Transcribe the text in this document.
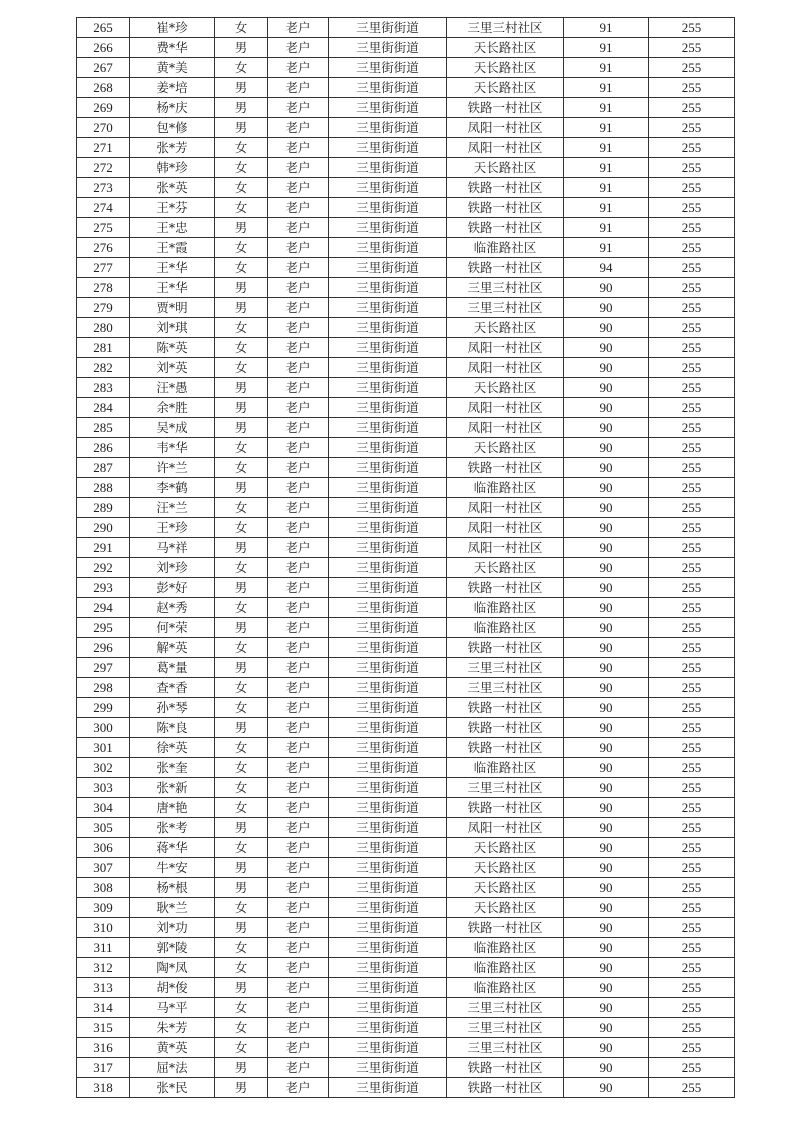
265	崔*珍	女	老户	三里街街道	三里三村社区	91	255
266	费*华	男	老户	三里街街道	天长路社区	91	255
267	黄*美	女	老户	三里街街道	天长路社区	91	255
268	姜*培	男	老户	三里街街道	天长路社区	91	255
269	杨*庆	男	老户	三里街街道	铁路一村社区	91	255
270	包*修	男	老户	三里街街道	凤阳一村社区	91	255
271	张*芳	女	老户	三里街街道	凤阳一村社区	91	255
272	韩*珍	女	老户	三里街街道	天长路社区	91	255
273	张*英	女	老户	三里街街道	铁路一村社区	91	255
274	王*芬	女	老户	三里街街道	铁路一村社区	91	255
275	王*忠	男	老户	三里街街道	铁路一村社区	91	255
276	王*霞	女	老户	三里街街道	临淮路社区	91	255
277	王*华	女	老户	三里街街道	铁路一村社区	94	255
278	王*华	男	老户	三里街街道	三里三村社区	90	255
279	贾*明	男	老户	三里街街道	三里三村社区	90	255
280	刘*琪	女	老户	三里街街道	天长路社区	90	255
281	陈*英	女	老户	三里街街道	凤阳一村社区	90	255
282	刘*英	女	老户	三里街街道	凤阳一村社区	90	255
283	汪*愚	男	老户	三里街街道	天长路社区	90	255
284	余*胜	男	老户	三里街街道	凤阳一村社区	90	255
285	吴*成	男	老户	三里街街道	凤阳一村社区	90	255
286	韦*华	女	老户	三里街街道	天长路社区	90	255
287	许*兰	女	老户	三里街街道	铁路一村社区	90	255
288	李*鹤	男	老户	三里街街道	临淮路社区	90	255
289	汪*兰	女	老户	三里街街道	凤阳一村社区	90	255
290	王*珍	女	老户	三里街街道	凤阳一村社区	90	255
291	马*祥	男	老户	三里街街道	凤阳一村社区	90	255
292	刘*珍	女	老户	三里街街道	天长路社区	90	255
293	彭*好	男	老户	三里街街道	铁路一村社区	90	255
294	赵*秀	女	老户	三里街街道	临淮路社区	90	255
295	何*荣	男	老户	三里街街道	临淮路社区	90	255
296	解*英	女	老户	三里街街道	铁路一村社区	90	255
297	葛*量	男	老户	三里街街道	三里三村社区	90	255
298	查*香	女	老户	三里街街道	三里三村社区	90	255
299	孙*琴	女	老户	三里街街道	铁路一村社区	90	255
300	陈*良	男	老户	三里街街道	铁路一村社区	90	255
301	徐*英	女	老户	三里街街道	铁路一村社区	90	255
302	张*奎	女	老户	三里街街道	临淮路社区	90	255
303	张*新	女	老户	三里街街道	三里三村社区	90	255
304	唐*艳	女	老户	三里街街道	铁路一村社区	90	255
305	张*考	男	老户	三里街街道	凤阳一村社区	90	255
306	蒋*华	女	老户	三里街街道	天长路社区	90	255
307	牛*安	男	老户	三里街街道	天长路社区	90	255
308	杨*根	男	老户	三里街街道	天长路社区	90	255
309	耿*兰	女	老户	三里街街道	天长路社区	90	255
310	刘*功	男	老户	三里街街道	铁路一村社区	90	255
311	郭*陵	女	老户	三里街街道	临淮路社区	90	255
312	陶*凤	女	老户	三里街街道	临淮路社区	90	255
313	胡*俊	男	老户	三里街街道	临淮路社区	90	255
314	马*平	女	老户	三里街街道	三里三村社区	90	255
315	朱*芳	女	老户	三里街街道	三里三村社区	90	255
316	黄*英	女	老户	三里街街道	三里三村社区	90	255
317	屈*法	男	老户	三里街街道	铁路一村社区	90	255
318	张*民	男	老户	三里街街道	铁路一村社区	90	255
